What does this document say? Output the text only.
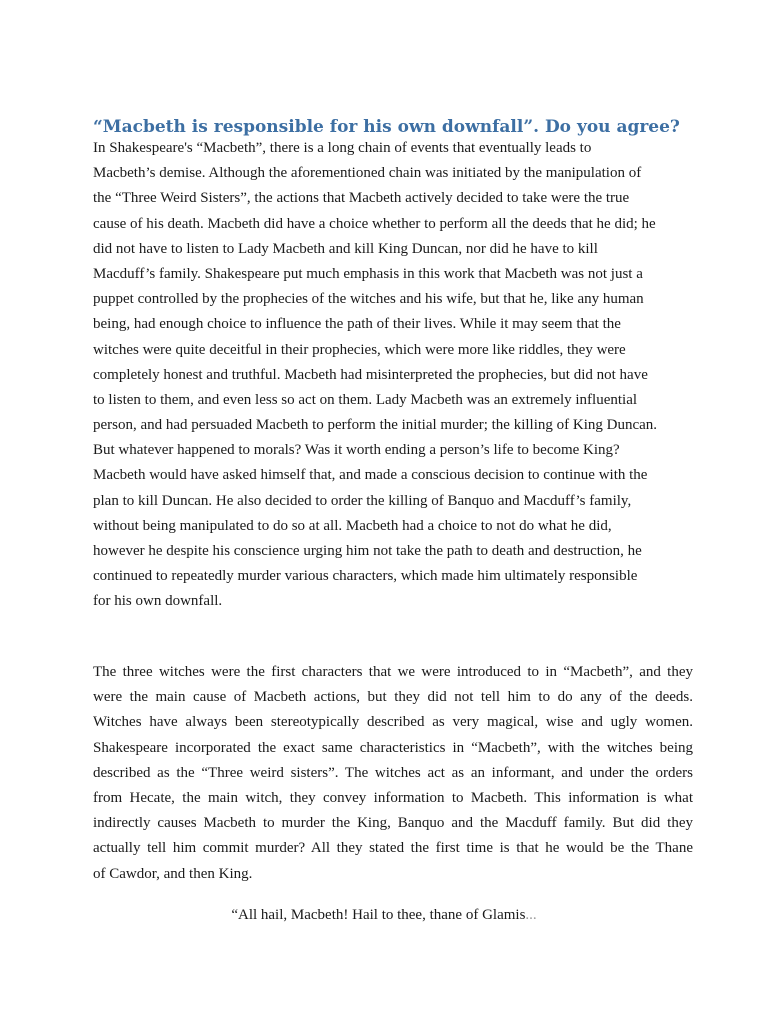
“Macbeth is responsible for his own downfall”. Do you agree?
In Shakespeare's “Macbeth”, there is a long chain of events that eventually leads to
Macbeth’s demise. Although the aforementioned chain was initiated by the manipulation of
the “Three Weird Sisters”, the actions that Macbeth actively decided to take were the true
cause of his death. Macbeth did have a choice whether to perform all the deeds that he did; he
did not have to listen to Lady Macbeth and kill King Duncan, nor did he have to kill
Macduff’s family. Shakespeare put much emphasis in this work that Macbeth was not just a
puppet controlled by the prophecies of the witches and his wife, but that he, like any human
being, had enough choice to influence the path of their lives. While it may seem that the
witches were quite deceitful in their prophecies, which were more like riddles, they were
completely honest and truthful. Macbeth had misinterpreted the prophecies, but did not have
to listen to them, and even less so act on them. Lady Macbeth was an extremely influential
person, and had persuaded Macbeth to perform the initial murder; the killing of King Duncan.
But whatever happened to morals? Was it worth ending a person’s life to become King?
Macbeth would have asked himself that, and made a conscious decision to continue with the
plan to kill Duncan. He also decided to order the killing of Banquo and Macduff’s family,
without being manipulated to do so at all. Macbeth had a choice to not do what he did,
however he despite his conscience urging him not take the path to death and destruction, he
continued to repeatedly murder various characters, which made him ultimately responsible
for his own downfall.
The three witches were the first characters that we were introduced to in “Macbeth”, and they
were the main cause of Macbeth actions, but they did not tell him to do any of the deeds.
Witches have always been stereotypically described as very magical, wise and ugly women.
Shakespeare incorporated the exact same characteristics in “Macbeth”, with the witches being
described as the “Three weird sisters”. The witches act as an informant, and under the orders
from Hecate, the main witch, they convey information to Macbeth. This information is what
indirectly causes Macbeth to murder the King, Banquo and the Macduff family. But did they
actually tell him commit murder? All they stated the first time is that he would be the Thane
of Cawdor, and then King.
“All hail, Macbeth! Hail to thee, thane of Glamis...
